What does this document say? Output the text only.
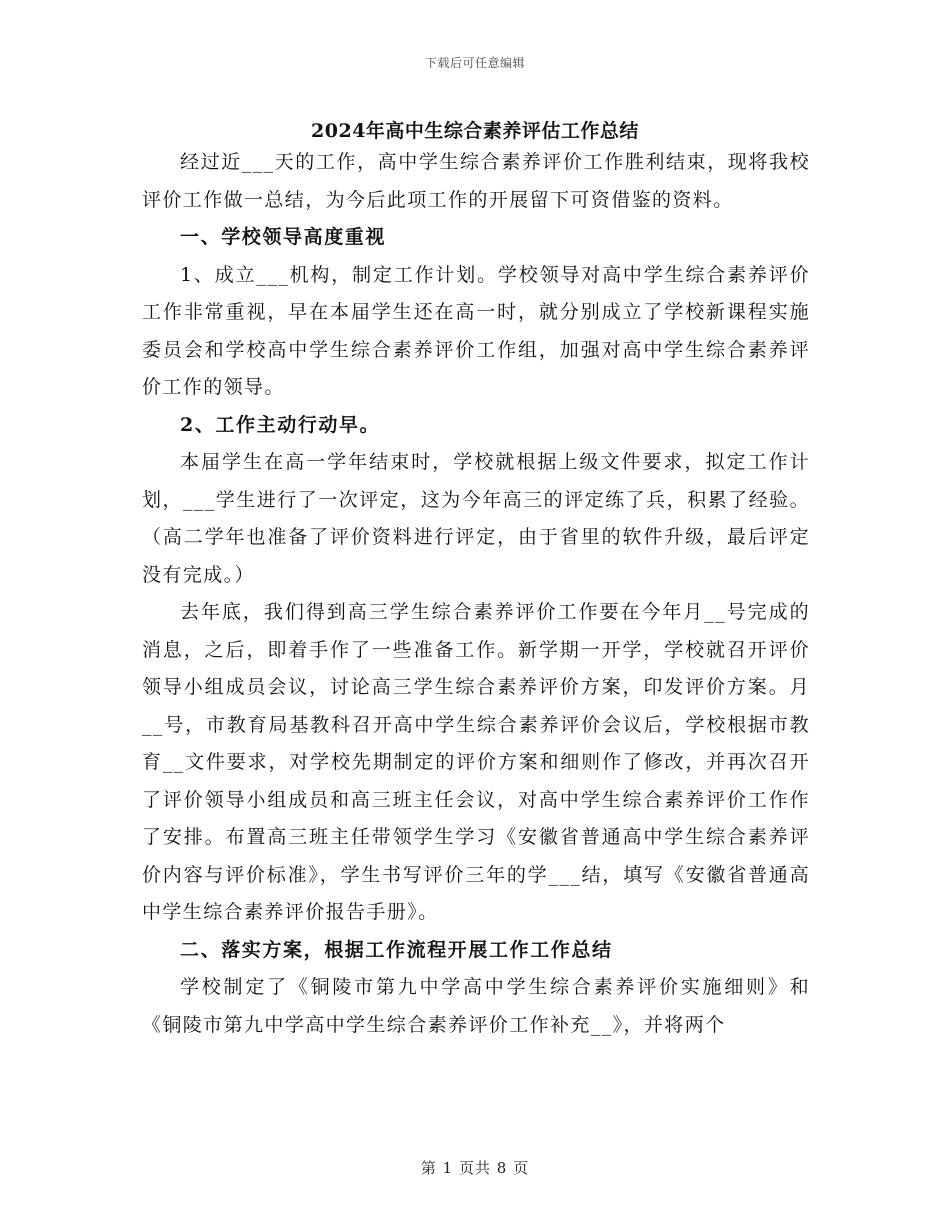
下载后可任意编辑
2024年高中生综合素养评估工作总结

经过近___天的工作，高中学生综合素养评价工作胜利结束，现将我校评价工作做一总结，为今后此项工作的开展留下可资借鉴的资料。

一、学校领导高度重视

1、成立___机构，制定工作计划。学校领导对高中学生综合素养评价工作非常重视，早在本届学生还在高一时，就分别成立了学校新课程实施委员会和学校高中学生综合素养评价工作组，加强对高中学生综合素养评价工作的领导。

2、工作主动行动早。

本届学生在高一学年结束时，学校就根据上级文件要求，拟定工作计划，___学生进行了一次评定，这为今年高三的评定练了兵，积累了经验。（高二学年也准备了评价资料进行评定，由于省里的软件升级，最后评定没有完成。）

去年底，我们得到高三学生综合素养评价工作要在今年月__号完成的消息，之后，即着手作了一些准备工作。新学期一开学，学校就召开评价领导小组成员会议，讨论高三学生综合素养评价方案，印发评价方案。月__号，市教育局基教科召开高中学生综合素养评价会议后，学校根据市教育__文件要求，对学校先期制定的评价方案和细则作了修改，并再次召开了评价领导小组成员和高三班主任会议，对高中学生综合素养评价工作作了安排。布置高三班主任带领学生学习《安徽省普通高中学生综合素养评价内容与评价标准》，学生书写评价三年的学___结，填写《安徽省普通高中学生综合素养评价报告手册》。

二、落实方案，根据工作流程开展工作工作总结

学校制定了《铜陵市第九中学高中学生综合素养评价实施细则》和《铜陵市第九中学高中学生综合素养评价工作补充__》，并将两个

第 1 页共 8 页
